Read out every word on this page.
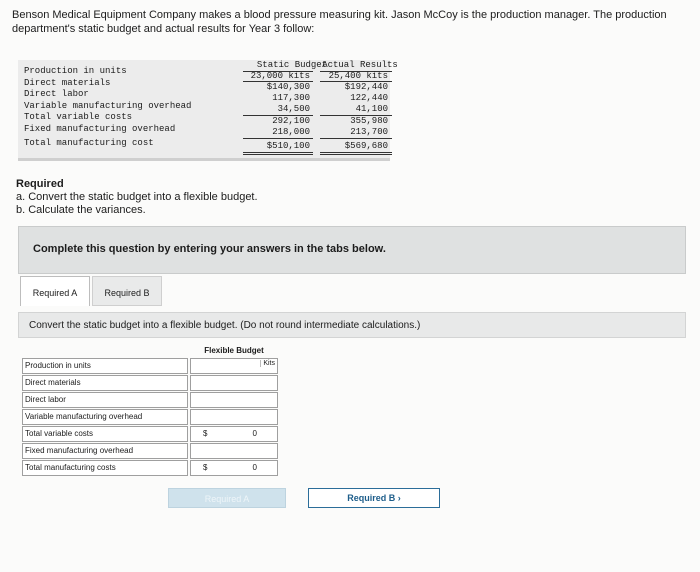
Benson Medical Equipment Company makes a blood pressure measuring kit. Jason McCoy is the production manager. The production department's static budget and actual results for Year 3 follow:
Static Budget
Actual Results
Production in units	23,000 kits	25,400 kits
Direct materials	$140,300	$192,440
Direct labor	117,300	122,440
Variable manufacturing overhead	34,500	41,100
Total variable costs	292,100	355,980
Fixed manufacturing overhead	218,000	213,700
Total manufacturing cost	$510,100	$569,680
Required
a. Convert the static budget into a flexible budget.
b. Calculate the variances.
Complete this question by entering your answers in the tabs below.
Required A	Required B
Convert the static budget into a flexible budget. (Do not round intermediate calculations.)
Flexible Budget
Production in units	Kits
Direct materials
Direct labor
Variable manufacturing overhead
Total variable costs	$	0
Fixed manufacturing overhead
Total manufacturing costs	$	0
Required A	Required B ›
